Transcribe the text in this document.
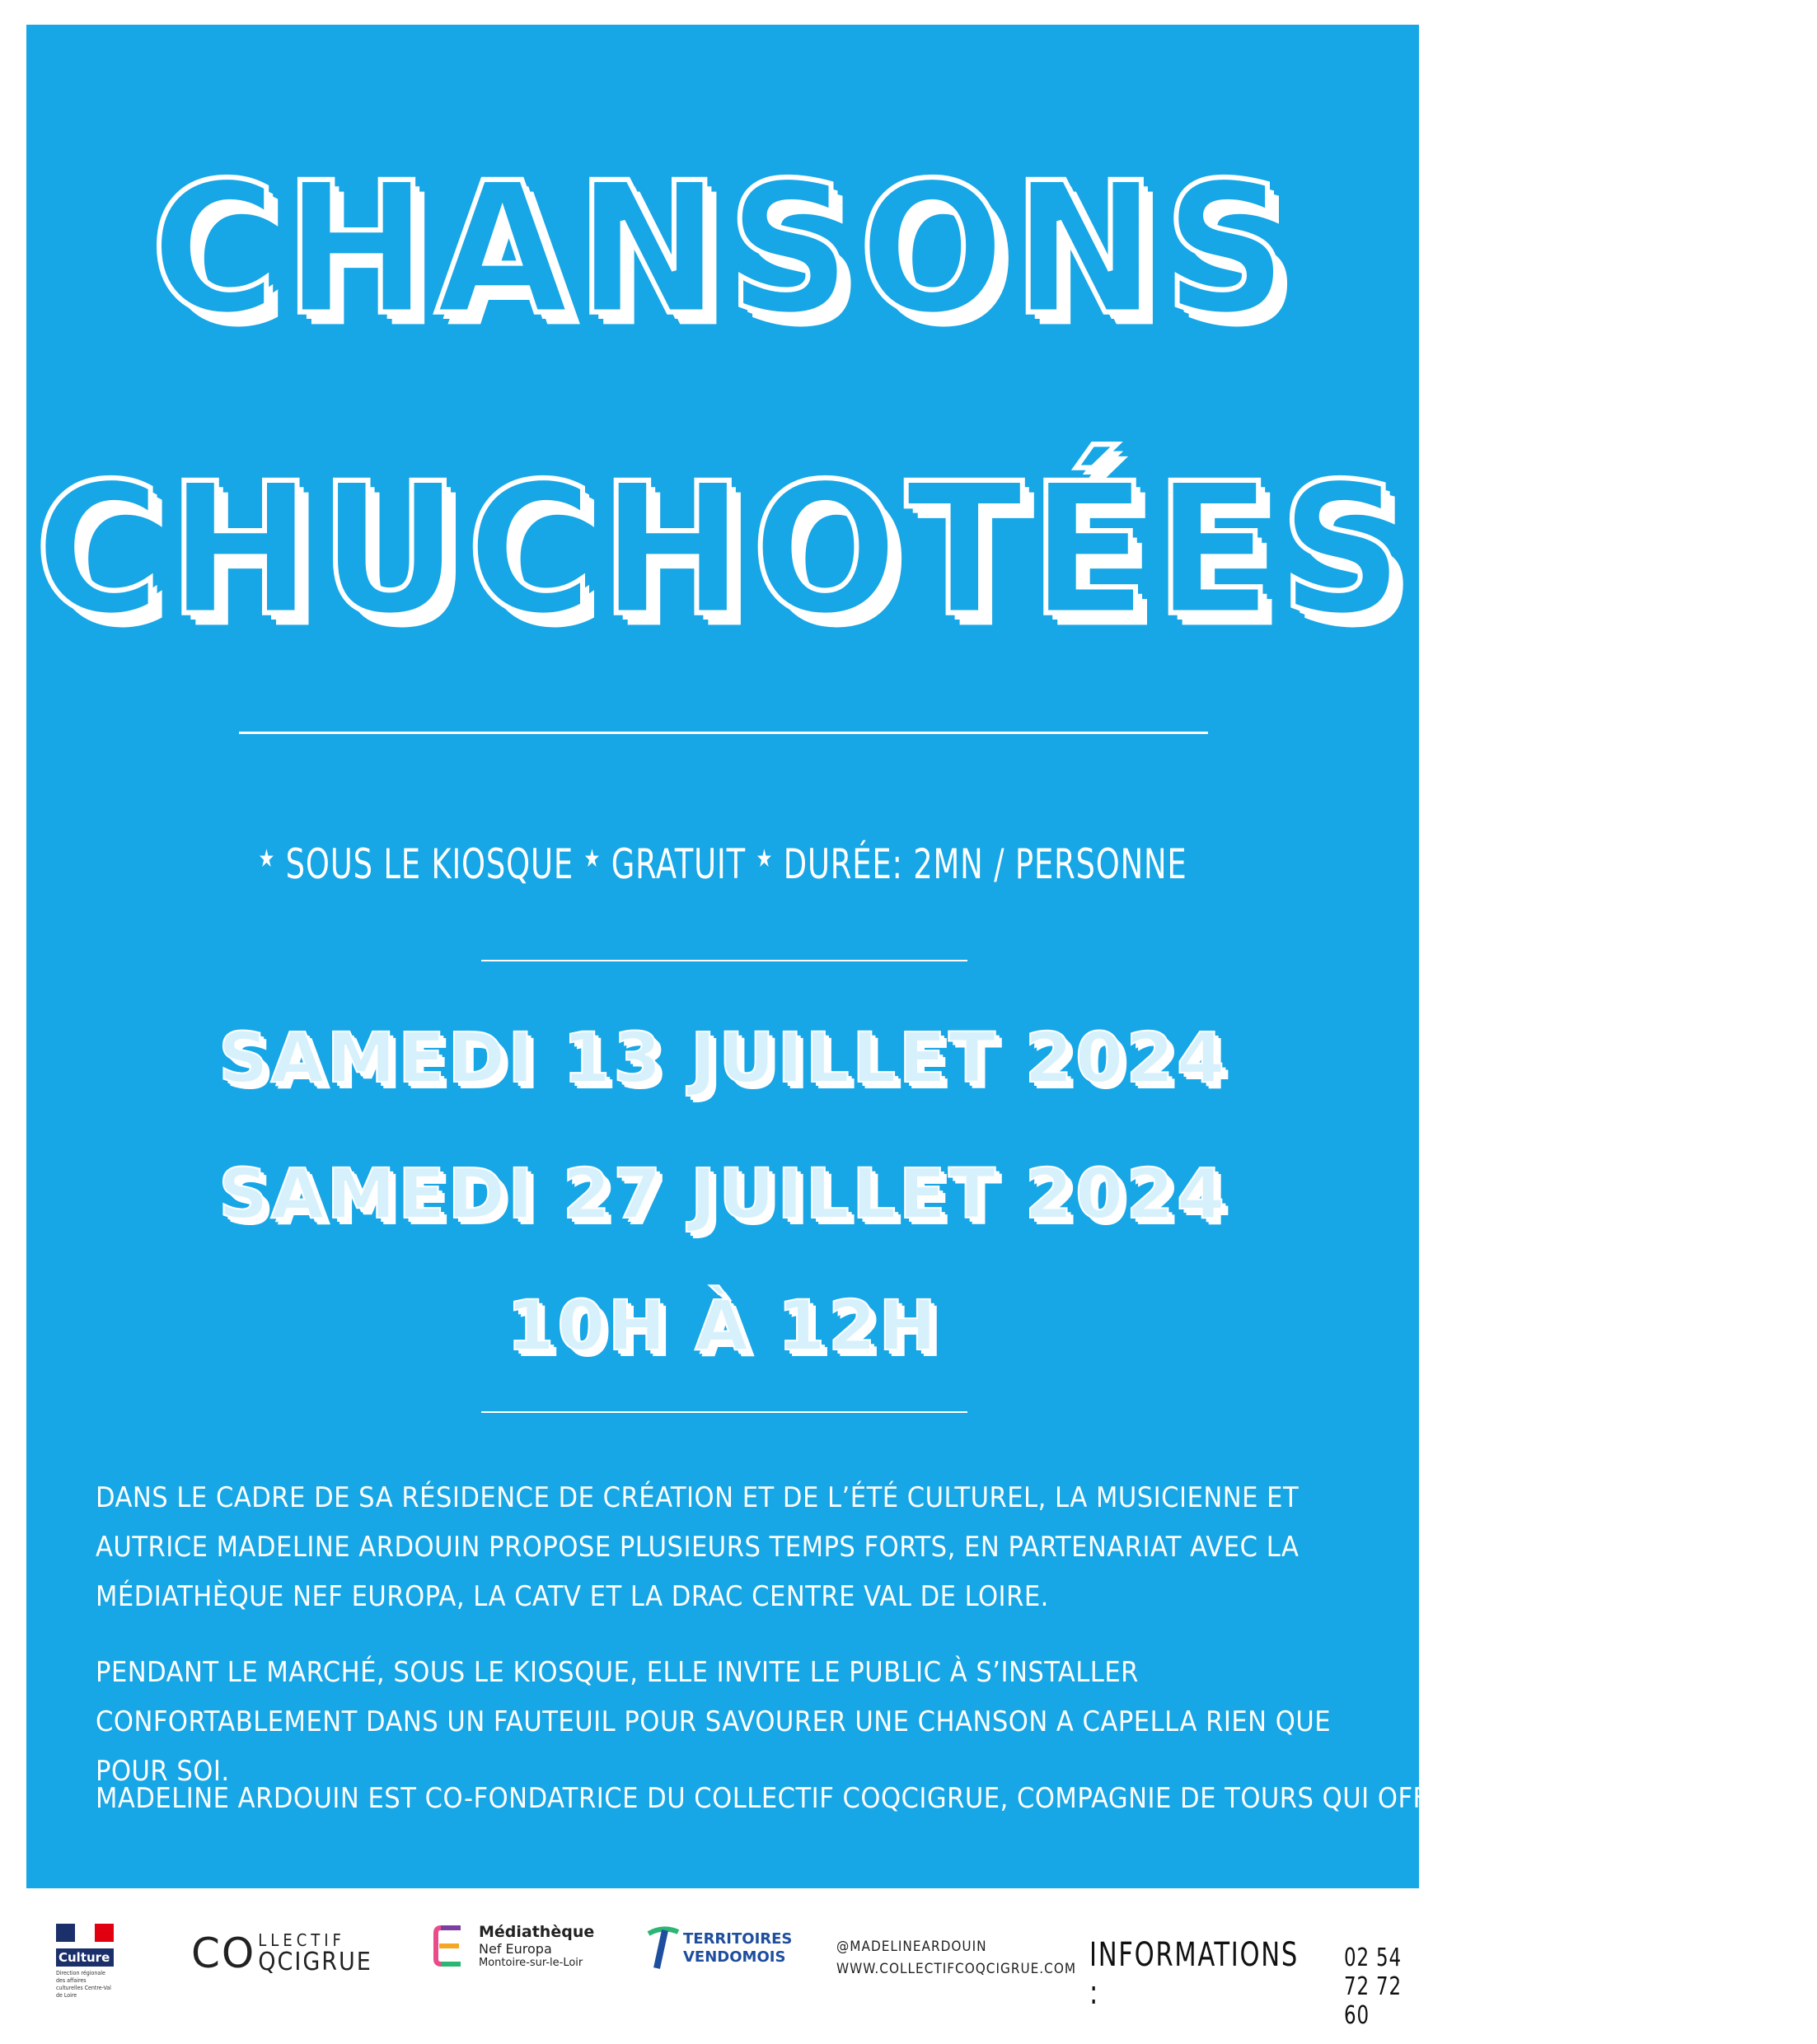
CHANSONS
CHUCHOTÉES
★ SOUS LE KIOSQUE ★ GRATUIT ★ DURÉE: 2MN / PERSONNE
SAMEDI 13 JUILLET 2024
SAMEDI 27 JUILLET 2024
10H À 12H
DANS LE CADRE DE SA RÉSIDENCE DE CRÉATION ET DE L’ÉTÉ CULTUREL, LA MUSICIENNE ET AUTRICE MADELINE ARDOUIN PROPOSE PLUSIEURS TEMPS FORTS, EN PARTENARIAT AVEC LA MÉDIATHÈQUE NEF EUROPA, LA CATV ET LA DRAC CENTRE VAL DE LOIRE.
PENDANT LE MARCHÉ, SOUS LE KIOSQUE, ELLE INVITE LE PUBLIC À S’INSTALLER CONFORTABLEMENT DANS UN FAUTEUIL POUR SAVOURER UNE CHANSON A CAPELLA RIEN QUE POUR SOI.
MADELINE ARDOUIN EST CO-FONDATRICE DU COLLECTIF COQCIGRUE, COMPAGNIE DE TOURS QUI OFFRE DES FORMES ARTISTIQUES
Culture
Direction régionale des affaires culturelles Centre-Val de Loire
CO LLECTIF
QCIGRUE
Médiathèque
Nef Europa
Montoire-sur-le-Loir
TERRITOIRES
VENDOMOIS
@MADELINEARDOUIN
WWW.COLLECTIFCOQCIGRUE.COM INFORMATIONS :
02 54 72 72 60
